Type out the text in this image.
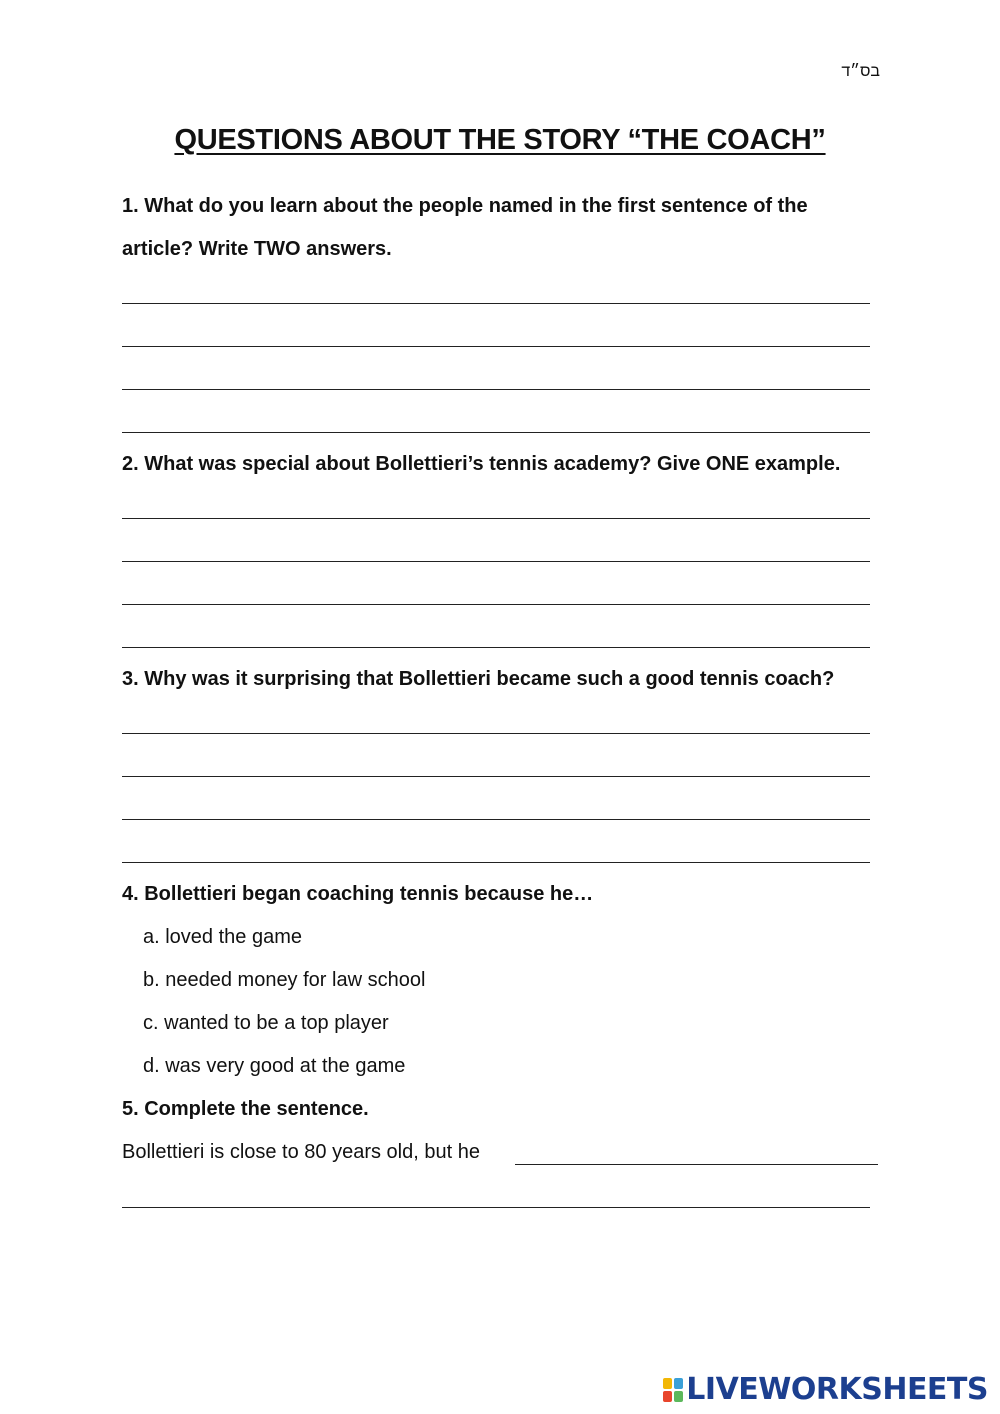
בס״ד
QUESTIONS ABOUT THE STORY “THE COACH”
1. What do you learn about the people named in the first sentence of the
article? Write TWO answers.
2. What was special about Bollettieri’s tennis academy? Give ONE example.
3. Why was it surprising that Bollettieri became such a good tennis coach?
4. Bollettieri began coaching tennis because he…
a. loved the game
b. needed money for law school
c. wanted to be a top player
d. was very good at the game
5. Complete the sentence.
Bollettieri is close to 80 years old, but he
LIVEWORKSHEETS
